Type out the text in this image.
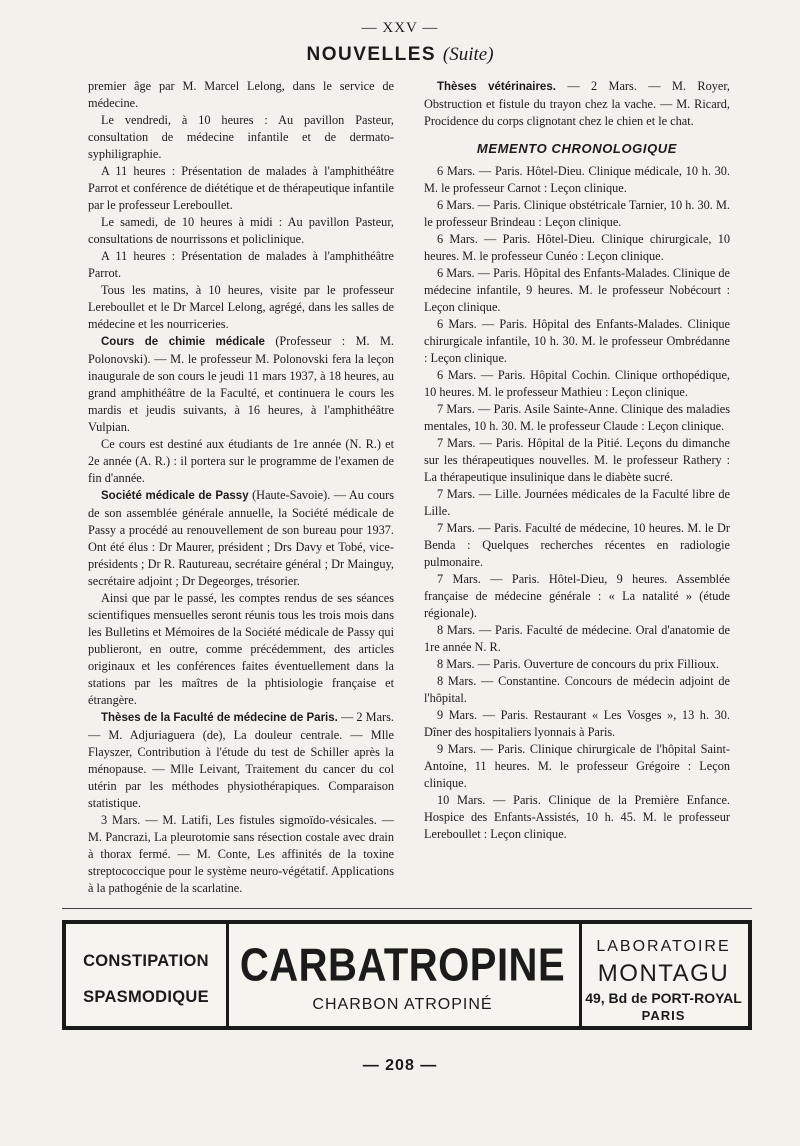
— XXV —
NOUVELLES (Suite)

premier âge par M. Marcel Lelong, dans le service de médecine.

Le vendredi, à 10 heures : Au pavillon Pasteur, consultation de médecine infantile et de dermato-syphiligraphie.

A 11 heures : Présentation de malades à l'amphithéâtre Parrot et conférence de diététique et de thérapeutique infantile par le professeur Lereboullet.

Le samedi, de 10 heures à midi : Au pavillon Pasteur, consultations de nourrissons et policlinique.

A 11 heures : Présentation de malades à l'amphithéâtre Parrot.

Tous les matins, à 10 heures, visite par le professeur Lereboullet et le Dr Marcel Lelong, agrégé, dans les salles de médecine et les nourriceries.

Cours de chimie médicale (Professeur : M. M. Polonovski). — M. le professeur M. Polonovski fera la leçon inaugurale de son cours le jeudi 11 mars 1937, à 18 heures, au grand amphithéâtre de la Faculté, et continuera le cours les mardis et jeudis suivants, à 16 heures, à l'amphithéâtre Vulpian.

Ce cours est destiné aux étudiants de 1re année (N. R.) et 2e année (A. R.) : il portera sur le programme de l'examen de fin d'année.

Société médicale de Passy (Haute-Savoie). — Au cours de son assemblée générale annuelle, la Société médicale de Passy a procédé au renouvellement de son bureau pour 1937. Ont été élus : Dr Maurer, président ; Drs Davy et Tobé, vice-présidents ; Dr R. Rautureau, secrétaire général ; Dr Mainguy, secrétaire adjoint ; Dr Degeorges, trésorier.

Ainsi que par le passé, les comptes rendus de ses séances scientifiques mensuelles seront réunis tous les trois mois dans les Bulletins et Mémoires de la Société médicale de Passy qui publieront, en outre, comme précédemment, des articles originaux et les conférences faites éventuellement dans la stations par les maîtres de la phtisiologie française et étrangère.

Thèses de la Faculté de médecine de Paris. — 2 Mars. — M. Adjuriaguera (de), La douleur centrale. — Mlle Flayszer, Contribution à l'étude du test de Schiller après la ménopause. — Mlle Leivant, Traitement du cancer du col utérin par les méthodes physiothérapiques. Comparaison statistique.

3 Mars. — M. Latifi, Les fistules sigmoïdo-vésicales. — M. Pancrazi, La pleurotomie sans résection costale avec drain à thorax fermé. — M. Conte, Les affinités de la toxine streptococcique pour le système neuro-végétatif. Applications à la pathogénie de la scarlatine.

Thèses vétérinaires. — 2 Mars. — M. Royer, Obstruction et fistule du trayon chez la vache. — M. Ricard, Procidence du corps clignotant chez le chien et le chat.

MEMENTO CHRONOLOGIQUE

6 Mars. — Paris. Hôtel-Dieu. Clinique médicale, 10 h. 30. M. le professeur Carnot : Leçon clinique.

6 Mars. — Paris. Clinique obstétricale Tarnier, 10 h. 30. M. le professeur Brindeau : Leçon clinique.

6 Mars. — Paris. Hôtel-Dieu. Clinique chirurgicale, 10 heures. M. le professeur Cunéo : Leçon clinique.

6 Mars. — Paris. Hôpital des Enfants-Malades. Clinique de médecine infantile, 9 heures. M. le professeur Nobécourt : Leçon clinique.

6 Mars. — Paris. Hôpital des Enfants-Malades. Clinique chirurgicale infantile, 10 h. 30. M. le professeur Ombrédanne : Leçon clinique.

6 Mars. — Paris. Hôpital Cochin. Clinique orthopédique, 10 heures. M. le professeur Mathieu : Leçon clinique.

7 Mars. — Paris. Asile Sainte-Anne. Clinique des maladies mentales, 10 h. 30. M. le professeur Claude : Leçon clinique.

7 Mars. — Paris. Hôpital de la Pitié. Leçons du dimanche sur les thérapeutiques nouvelles. M. le professeur Rathery : La thérapeutique insulinique dans le diabète sucré.

7 Mars. — Lille. Journées médicales de la Faculté libre de Lille.

7 Mars. — Paris. Faculté de médecine, 10 heures. M. le Dr Benda : Quelques recherches récentes en radiologie pulmonaire.

7 Mars. — Paris. Hôtel-Dieu, 9 heures. Assemblée française de médecine générale : « La natalité » (étude régionale).

8 Mars. — Paris. Faculté de médecine. Oral d'anatomie de 1re année N. R.

8 Mars. — Paris. Ouverture de concours du prix Fillioux.

8 Mars. — Constantine. Concours de médecin adjoint de l'hôpital.

9 Mars. — Paris. Restaurant « Les Vosges », 13 h. 30. Dîner des hospitaliers lyonnais à Paris.

9 Mars. — Paris. Clinique chirurgicale de l'hôpital Saint-Antoine, 11 heures. M. le professeur Grégoire : Leçon clinique.

10 Mars. — Paris. Clinique de la Première Enfance. Hospice des Enfants-Assistés, 10 h. 45. M. le professeur Lereboullet : Leçon clinique.

CONSTIPATION
SPASMODIQUE
CARBATROPINE
CHARBON ATROPINÉ
LABORATOIRE
MONTAGU
49, Bd de PORT-ROYAL
PARIS
— 208 —
